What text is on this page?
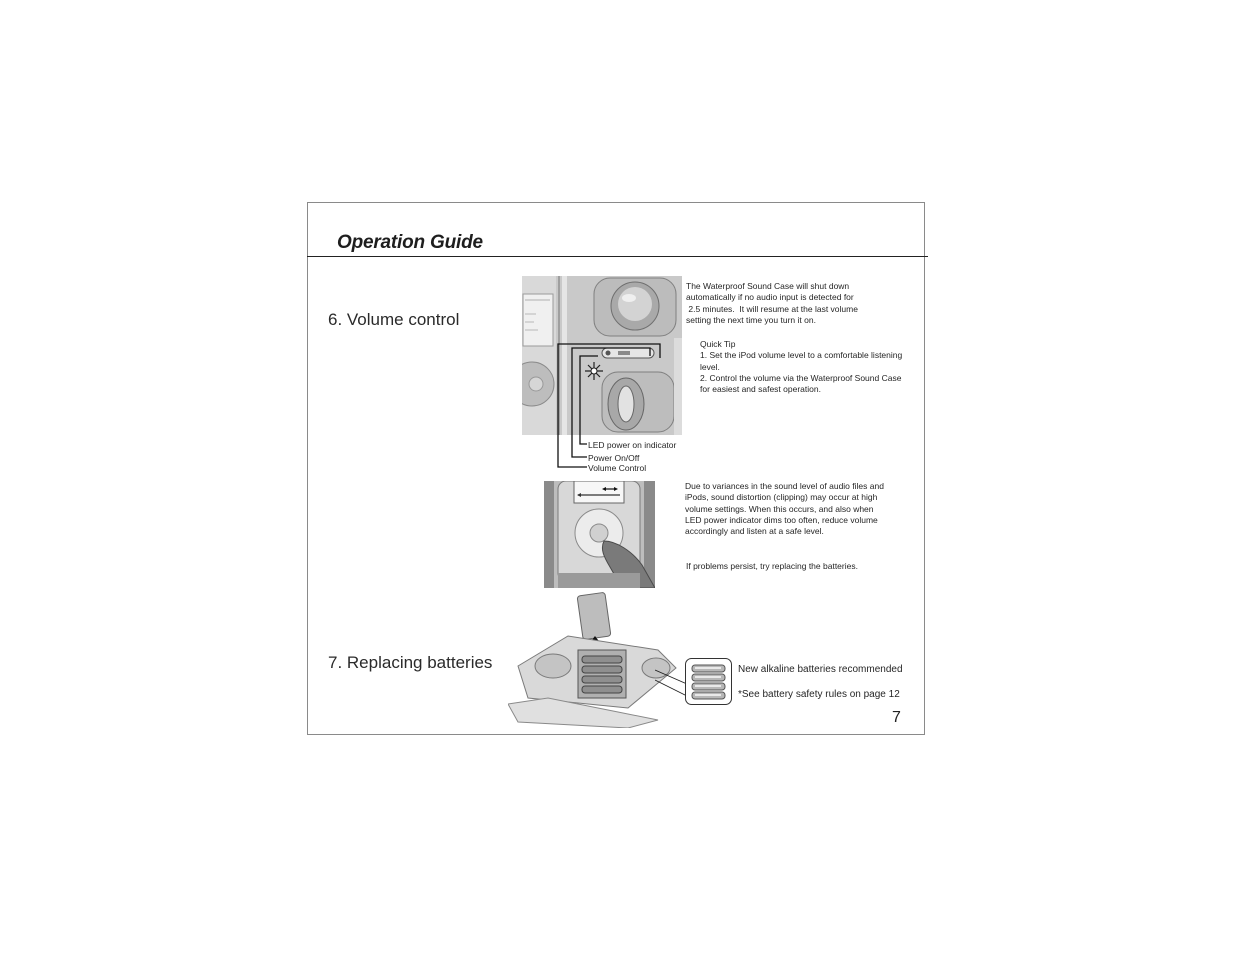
Operation Guide
6. Volume control
7. Replacing batteries
LED power on indicator
Power On/Off
Volume Control
The Waterproof Sound Case will shut down
automatically if no audio input is detected for
2.5 minutes.  It will resume at the last volume
setting the next time you turn it on.
Quick Tip
1. Set the iPod volume level to a comfortable listening
level.
2. Control the volume via the Waterproof Sound Case
for easiest and safest operation.
Due to variances in the sound level of audio files and
iPods, sound distortion (clipping) may occur at high
volume settings. When this occurs, and also when
LED power indicator dims too often, reduce volume
accordingly and listen at a safe level.

If problems persist, try replacing the batteries.

New alkaline batteries recommended
*See battery safety rules on page 12
7
